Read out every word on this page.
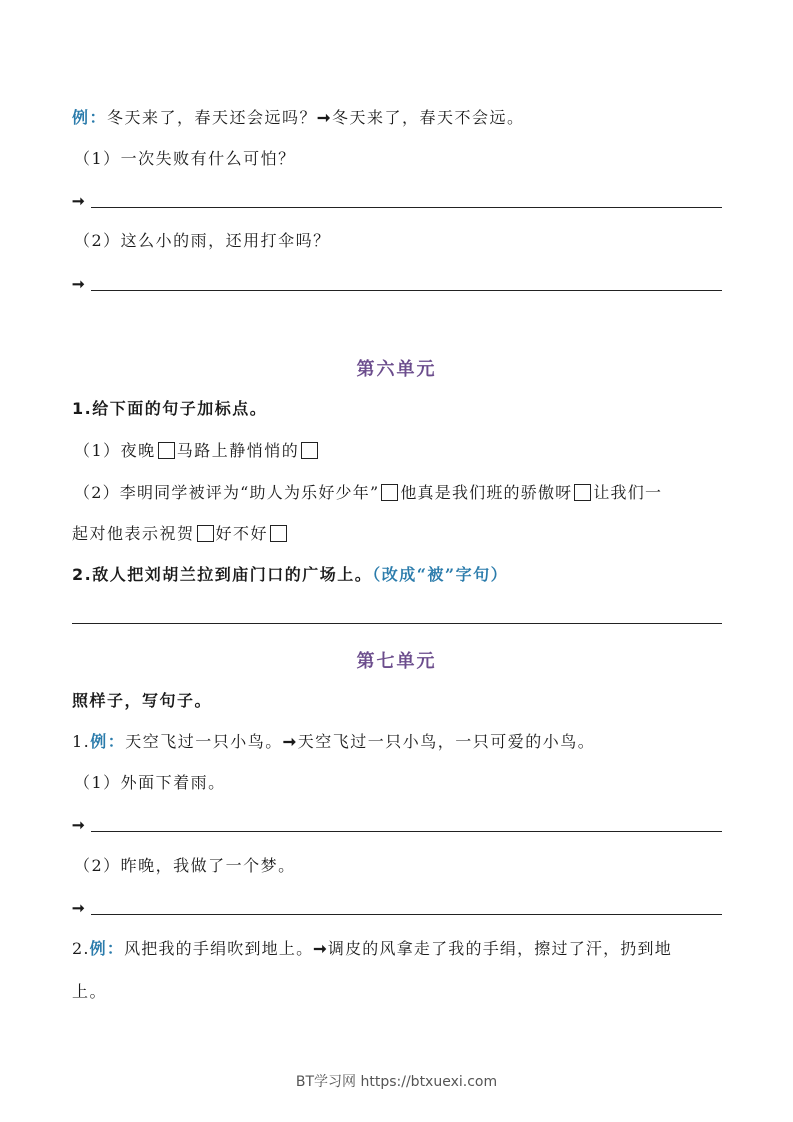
例：冬天来了，春天还会远吗？➞冬天来了，春天不会远。
（1）一次失败有什么可怕？
➞
（2）这么小的雨，还用打伞吗？
➞
第六单元
1.给下面的句子加标点。
（1）夜晚 马路上静悄悄的
（2）李明同学被评为“助人为乐好少年” 他真是我们班的骄傲呀 让我们一
起对他表示祝贺 好不好
2.敌人把刘胡兰拉到庙门口的广场上。（改成“被”字句）
第七单元
照样子，写句子。
1.例：天空飞过一只小鸟。➞天空飞过一只小鸟，一只可爱的小鸟。
（1）外面下着雨。
➞
（2）昨晚，我做了一个梦。
➞
2.例：风把我的手绢吹到地上。➞调皮的风拿走了我的手绢，擦过了汗，扔到地
上。
BT学习网 https://btxuexi.com
